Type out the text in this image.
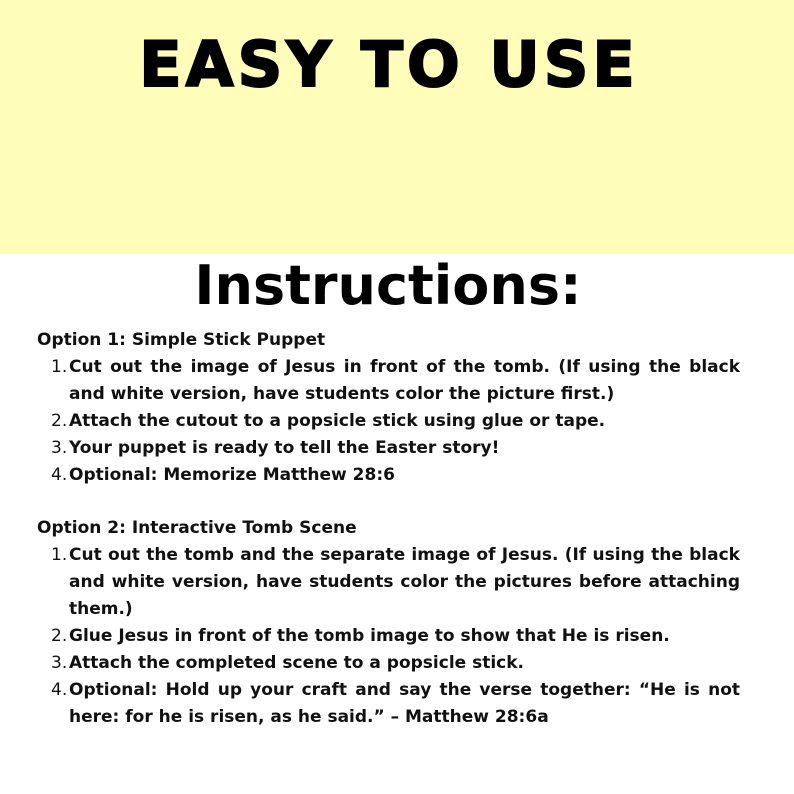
EASY TO USE
Instructions:

Option 1: Simple Stick Puppet

1. Cut out the image of Jesus in front of the tomb. (If using the black and white version, have students color the picture first.)
2. Attach the cutout to a popsicle stick using glue or tape.
3. Your puppet is ready to tell the Easter story!
4. Optional: Memorize Matthew 28:6

Option 2: Interactive Tomb Scene

1. Cut out the tomb and the separate image of Jesus. (If using the black and white version, have students color the pictures before attaching them.)
2. Glue Jesus in front of the tomb image to show that He is risen.
3. Attach the completed scene to a popsicle stick.
4. Optional: Hold up your craft and say the verse together: “He is not here: for he is risen, as he said.” – Matthew 28:6a
